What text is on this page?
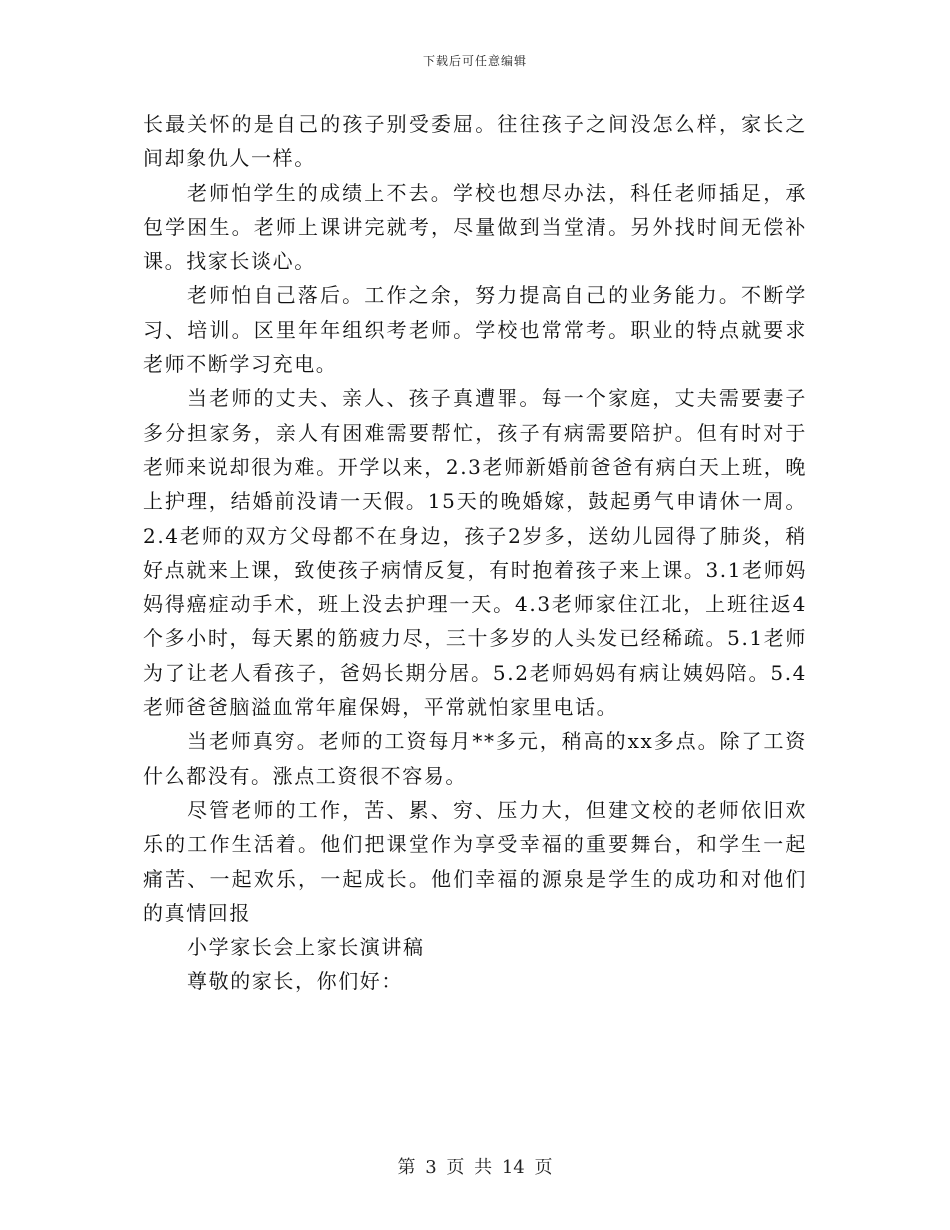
下载后可任意编辑

长最关怀的是自己的孩子别受委屈。往往孩子之间没怎么样，家长之间却象仇人一样。

老师怕学生的成绩上不去。学校也想尽办法，科任老师插足，承包学困生。老师上课讲完就考，尽量做到当堂清。另外找时间无偿补课。找家长谈心。

老师怕自己落后。工作之余，努力提高自己的业务能力。不断学习、培训。区里年年组织考老师。学校也常常考。职业的特点就要求老师不断学习充电。

当老师的丈夫、亲人、孩子真遭罪。每一个家庭，丈夫需要妻子多分担家务，亲人有困难需要帮忙，孩子有病需要陪护。但有时对于老师来说却很为难。开学以来，2.3老师新婚前爸爸有病白天上班，晚上护理，结婚前没请一天假。15天的晚婚嫁，鼓起勇气申请休一周。2.4老师的双方父母都不在身边，孩子2岁多，送幼儿园得了肺炎，稍好点就来上课，致使孩子病情反复，有时抱着孩子来上课。3.1老师妈妈得癌症动手术，班上没去护理一天。4.3老师家住江北，上班往返4个多小时，每天累的筋疲力尽，三十多岁的人头发已经稀疏。5.1老师为了让老人看孩子，爸妈长期分居。5.2老师妈妈有病让姨妈陪。5.4老师爸爸脑溢血常年雇保姆，平常就怕家里电话。

当老师真穷。老师的工资每月**多元，稍高的xx多点。除了工资什么都没有。涨点工资很不容易。

尽管老师的工作，苦、累、穷、压力大，但建文校的老师依旧欢乐的工作生活着。他们把课堂作为享受幸福的重要舞台，和学生一起痛苦、一起欢乐，一起成长。他们幸福的源泉是学生的成功和对他们的真情回报

小学家长会上家长演讲稿

尊敬的家长，你们好：

第 3 页 共 14 页
